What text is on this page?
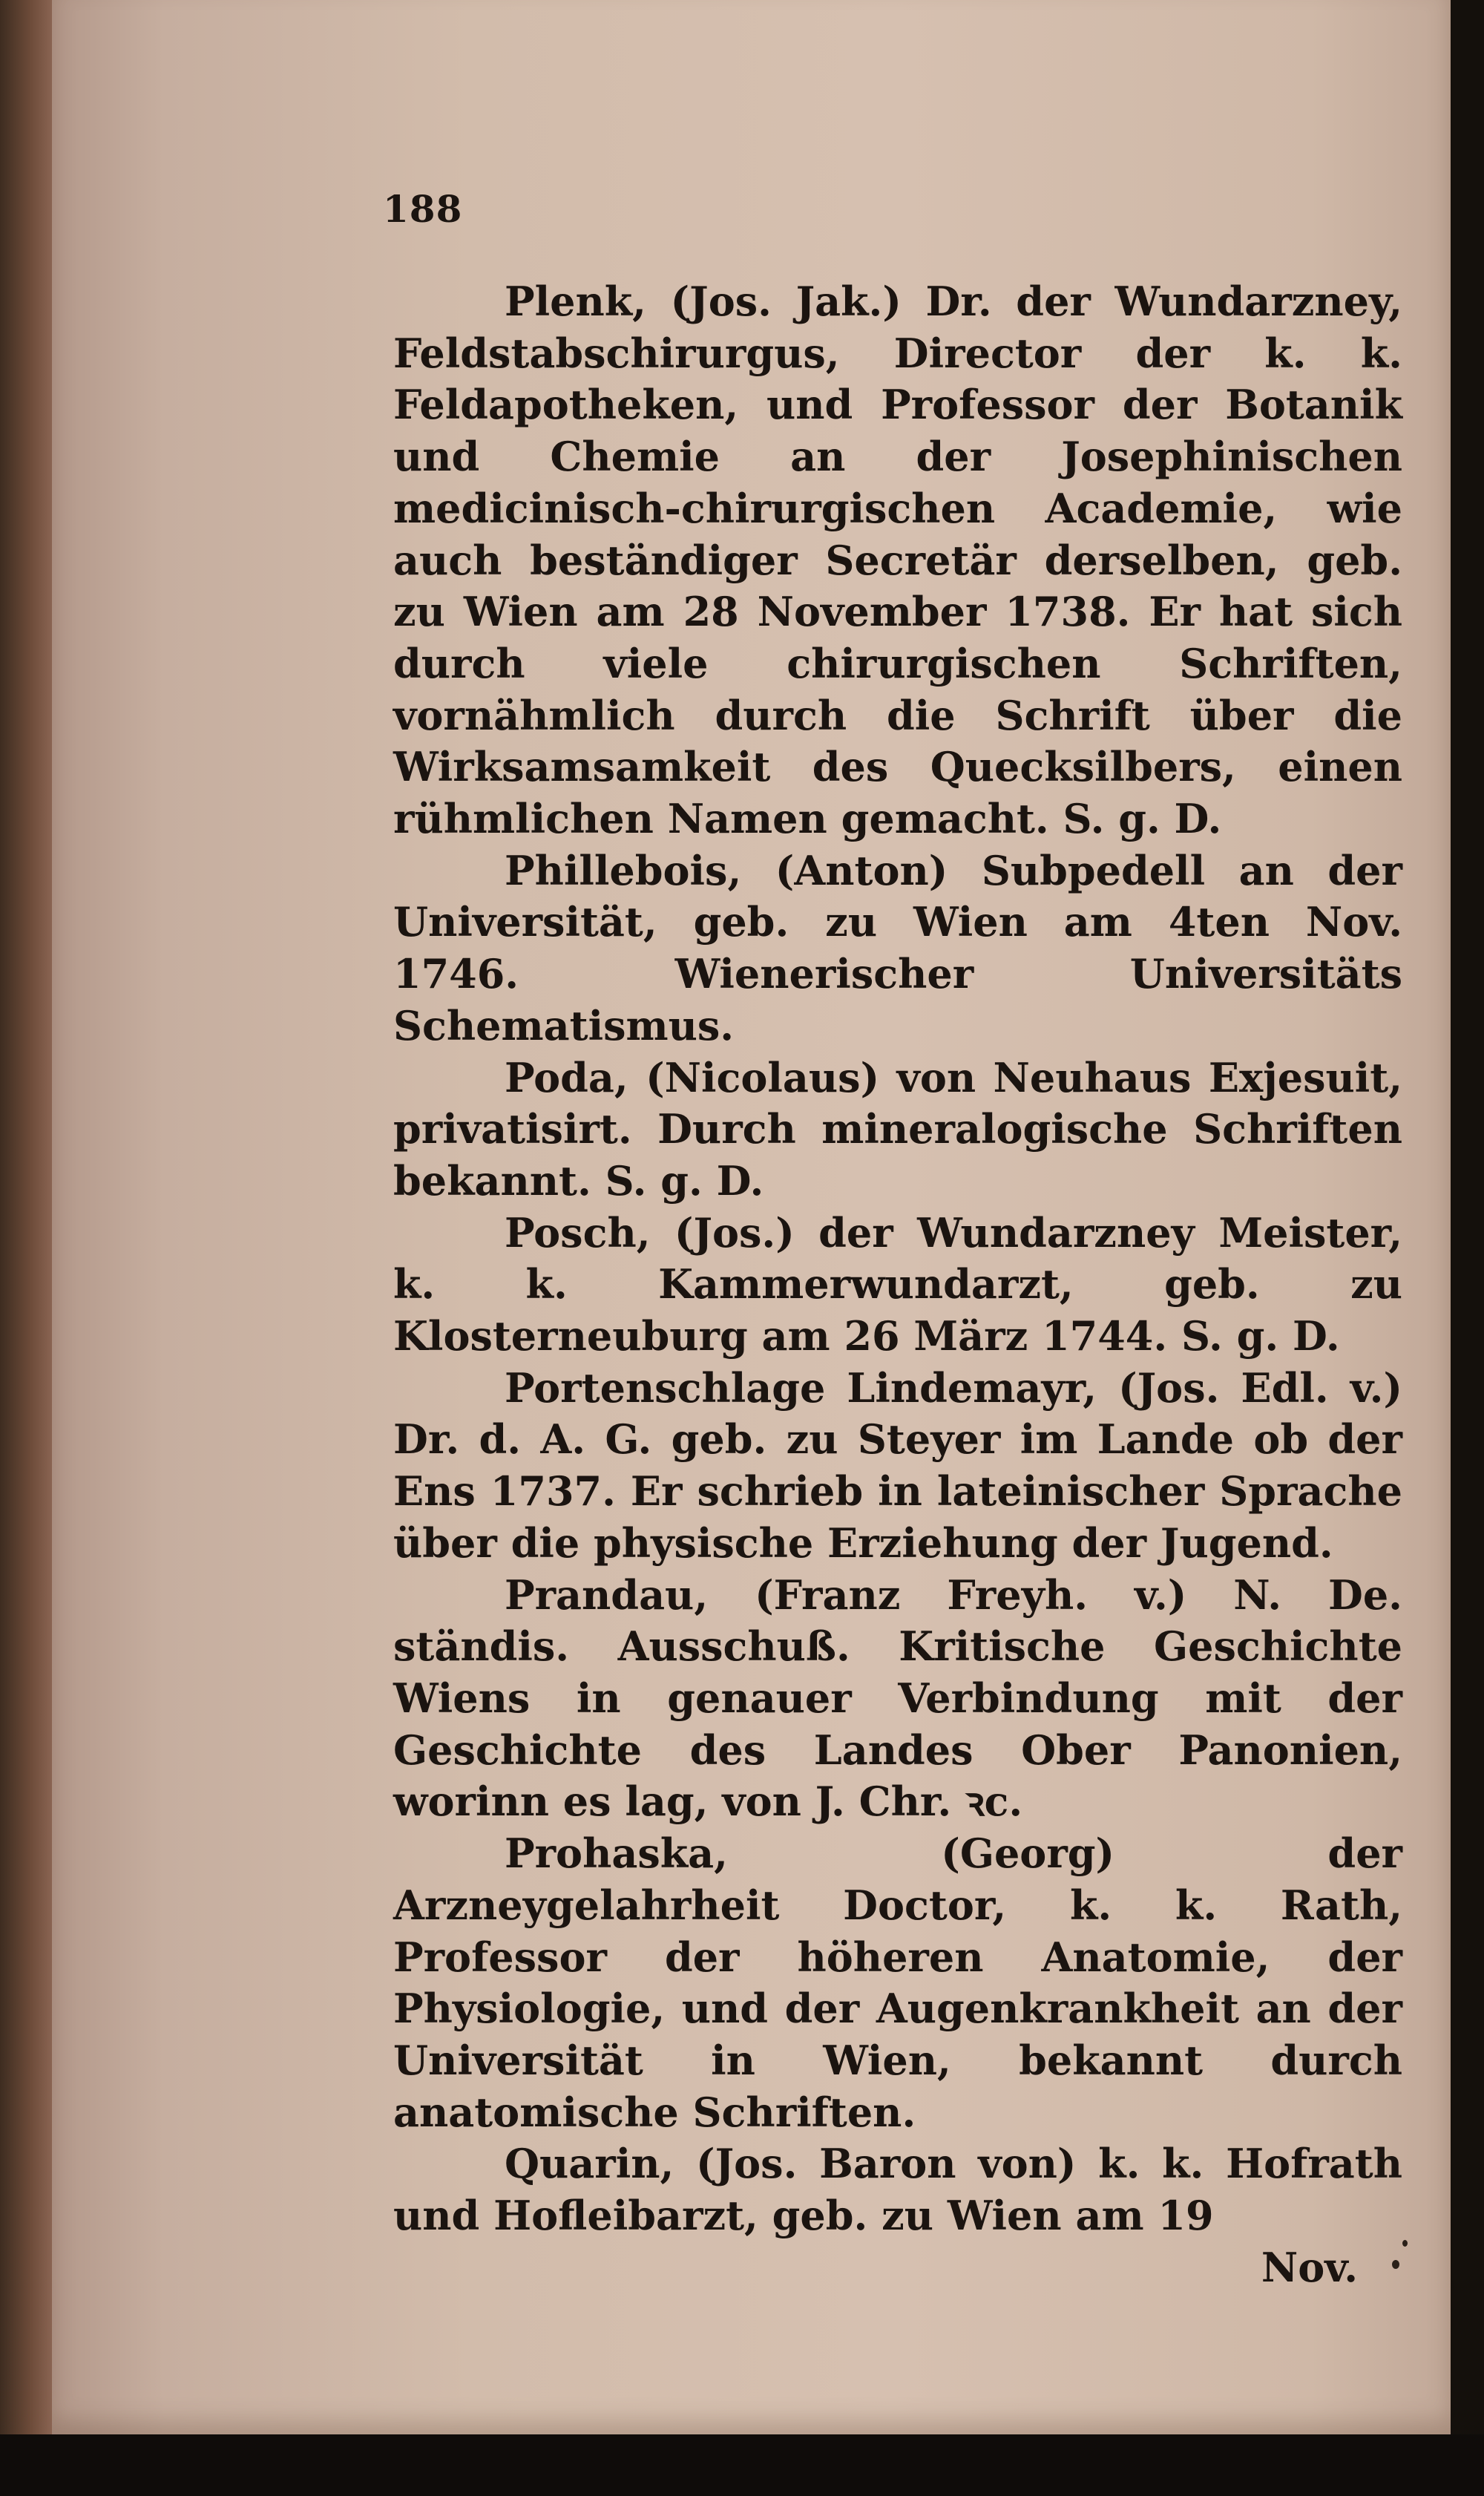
188

Plenk, (Jos. Jak.) Dr. der Wundarzney, Feldstabschirurgus, Director der k. k. Feldapotheken, und Professor der Botanik und Chemie an der Josephinischen medicinisch-chirurgischen Academie, wie auch beständiger Secretär derselben, geb. zu Wien am 28 November 1738. Er hat sich durch viele chirurgischen Schriften, vornähmlich durch die Schrift über die Wirksamsamkeit des Quecksilbers, einen rühmlichen Namen gemacht. S. g. D.

Phillebois, (Anton) Subpedell an der Universität, geb. zu Wien am 4ten Nov. 1746. Wienerischer Universitäts Schematismus.

Poda, (Nicolaus) von Neuhaus Exjesuit, privatisirt. Durch mineralogische Schriften bekannt. S. g. D.

Posch, (Jos.) der Wundarzney Meister, k. k. Kammerwundarzt, geb. zu Klosterneuburg am 26 März 1744. S. g. D.

Portenschlage Lindemayr, (Jos. Edl. v.) Dr. d. A. G. geb. zu Steyer im Lande ob der Ens 1737. Er schrieb in lateinischer Sprache über die physische Erziehung der Jugend.

Prandau, (Franz Freyh. v.) N. De. ständis. Ausschuß. Kritische Geschichte Wiens in genauer Verbindung mit der Geschichte des Landes Ober Panonien, worinn es lag, von J. Chr. ꝛc.

Prohaska, (Georg) der Arzneygelahrheit Doctor, k. k. Rath, Professor der höheren Anatomie, der Physiologie, und der Augenkrankheit an der Universität in Wien, bekannt durch anatomische Schriften.

Quarin, (Jos. Baron von) k. k. Hofrath und Hofleibarzt, geb. zu Wien am 19

Nov.
